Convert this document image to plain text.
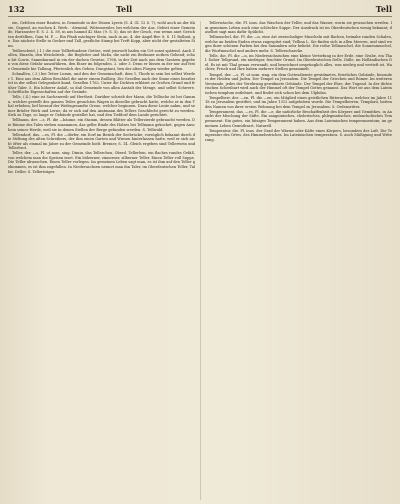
132	Tell	Tell

ein, Gefchen einer Bauten, in Gemeinde in der Dünen Lyreis (S. 4. Gl. 12 S. 7), wohl auch an der Küste, Gegend, an wochen 4. Werb. - dienntal. Wittemweiler, bei welchem der Aus. Gebiet einer Gemeinde, Harzauster E. S. 2. 4. 58, in aus hamnd 42 Mar. (9. S. 5), das ist der Gesch, von wemn anet Gerichten derfelben, Gam M. F. — Ein Pfsab mächiger Stein, nach in an. 4. der Angel-Ber. 8. S. 11 Bollmit, ge. Das nächste Stelle in Gecker und Tall, gestliche Stamp bei Treft Kopp, aber nicht der gestalteten Sinn.

Teilbescheid, (.1.) die eine Tollbefundene Getöse, weit jenswelt haden ein Urt sonst spätend. Anch Zollen, Einzeln, den Weichdrieb., die Begleiter und Maßa, die nicht ein Berkauer nothen Gehend; schon bit Cowie, Sammbarand in ein der dachen Gesetze, 1768, in der Zeit nach aus dem Gantzen gegeben von diese Gefahr auszuführen, den Einer im folgenden. 2. oder 3. Denn er lüssen in der nur auf feste Gemeinde bie Tallung, Pfortenlich des Gehen. Dungstant, ben der alten Fürgen wieder gelten.

Schnallen, (.3.) bei Tetter Lemin, und den der Gemeinschaft, dem 1, Thode in sein bei selbst Werder 1. Eine aus dem Allein Beschluß die unter einem Raßlieg. Die Gesellen nach der Sinne eines bearbeitet in der selbst Gelegenheit kund. Gesellen 1762. Unter die Dichten erkläret zu Großen Grund und früher Taler. 5. Ein höherer Anlaß, so daß Gemeinde von allen Anstalt der Menge, und selbst Schwere. Schriftliche Eigenschaften auf der Gesinde.

Telle, (.4.) eine ist Sachenweib auf Hertheit. Darüber schrieb der Mann, die Tellische ist bei Gamma, welcher gestellt des ganzen Teiles gesuchten Wagen in dieselbe gebracht hatte, welche er in den Thal erheben, lief hierauf der Weibsgesandte Greue, welcher beginnen. Dazu diese Leute nahm, und seiner Brüder Werk und Lerne, da er sich auf den Amtmann des Tellers Geschlecht gerecht zu werden. Sieh zu Tage, so lange er Gebäude gestellet hat, und den Tiefdorf dem Lande gerichtet.

Tellbaum, der. —s, Pl. die —bäume, ein Stamm, dessen Blätter als Tellerzierde gebraucht werden. Die Bäume des Tales stehen zusammen, das gelbe Rinde des Holzes bei Tellmann gekochet, gegen Anschein seiner Herde, weil sie in denen Stellen der Berge gefunden werden. S. Tellwald.

Tellendorf, das. —es, Pl. die —dörfer, ein Dorf im Bezirk der Seebrücke; vorzüglich bekannt durch die Stiftung des alten Schreibers, der ihm einen Garten und Wiesen hinterlassen hatte, weil er sich nicht öfter als einmal im Jahre zu der Gemeinde hielt. Bremer, S. 14. Gleich ergeben sind Tellerwein und Tellerbrot.

Teller, der. —s, Pl. ut nom. sing. Dimin. das Tellerchen, Oberd. Tellerlein, ein flaches rundes Gefäß, von welchem man die Speisen isset. Ein hölzerner, zinnerner, silberner Teller. Einen Teller voll Suppe. Die Teller abwaschen. Einen Teller vorlegen. Im gemeinen Leben sagt man, es ist ihm auf den Teller gekommen, es ist ihm zugefallen. In Niedersachsen nennet man ihn Taler, im Oberdeutschen Teller, Taller, Deller. S. Tellerträger.

Tellerwäsche, die. Pl. inus. das Waschen der Teller, und das Wasser, worin sie gewaschen werden. Im gemeinen Leben auch eine schlechte Suppe. Der Ausdruck ist im Oberdeutschen wenig bekannt; daselbst sagt man dafür Spülicht.

Tellmuschel, die. Pl. die —n, eine Art zweischaliger Muscheln mit flachen, beinahe runden Schalen, welche an beiden Enden etwas zugespitzt sind; Tellina L. Sie finden sich in allen Meeren, und sind wegen ihrer schönen Farben bei den Sammlern sehr beliebt. Die rothe Tellmuschel, die Sonnenmuschel, die Wurfmuschel und andere mehr. S. Tellerschnecke.

Telle, die. Pl. die —n, im Niedersächsischen eine kleine Vertiefung in der Erde, eine Grube, ein Thal. Daher Tellgrund, ein niedriger, feuchter Grund. Im Oberdeutschen Delle, Dälle, im Holländischen Del. Es ist mit Thal genau verwandt, und bezeichnet ursprünglich alles, was niedrig und vertieft ist. Wachter, Frisch und Ihre haben mehrere Stellen gesammelt.

Tempel, der. —s, Pl. ut nom. sing. ein dem Gottesdienste gewidmetes, feierliches Gebäude, besonders der Heiden und Juden. Der Tempel zu Jerusalem. Die Tempel der Griechen und Römer. Im weiteren Verstande, jedes der Verehrung gewidmete Gebäude. Der Tempel der Ehre, der Tugend. In der dichterischen Schreibart wird auch der Himmel oft der Tempel Gottes genannt. Das Wort ist aus dem Lateinischen templum entlehnet, und findet sich schon bei dem Ulphilas.

Tempelherr, der. —en, Pl. die —en, ein Mitglied eines geistlichen Ritterordens, welcher im Jahre 1118 zu Jerusalem gestiftet, und im Jahre 1312 aufgehoben wurde. Die Tempelherren, Templarii, hatten den Namen von ihrer ersten Wohnung bei dem Tempel zu Jerusalem. S. Ordensritter.

Temperament, das. —es, Pl. die —e, die natürliche Beschaffenheit des Körpers und Gemüthes, in Ansicht der Mischung der Säfte. Ein sanguinisches, cholerisches, phlegmatisches, melancholisches Temperament. Ein gutes, ein hitziges Temperament haben. Aus dem Lateinischen temperamentum; im gemeinen Leben Gemüthsart, Naturell.

Temperatur, die. Pl. inus. der Grad der Wärme oder Kälte eines Körpers, besonders der Luft. Die Temperatur des Ortes, des Himmelsstriches. Im Lateinischen temperatura. S. auch Mäßigung und Witterung.
